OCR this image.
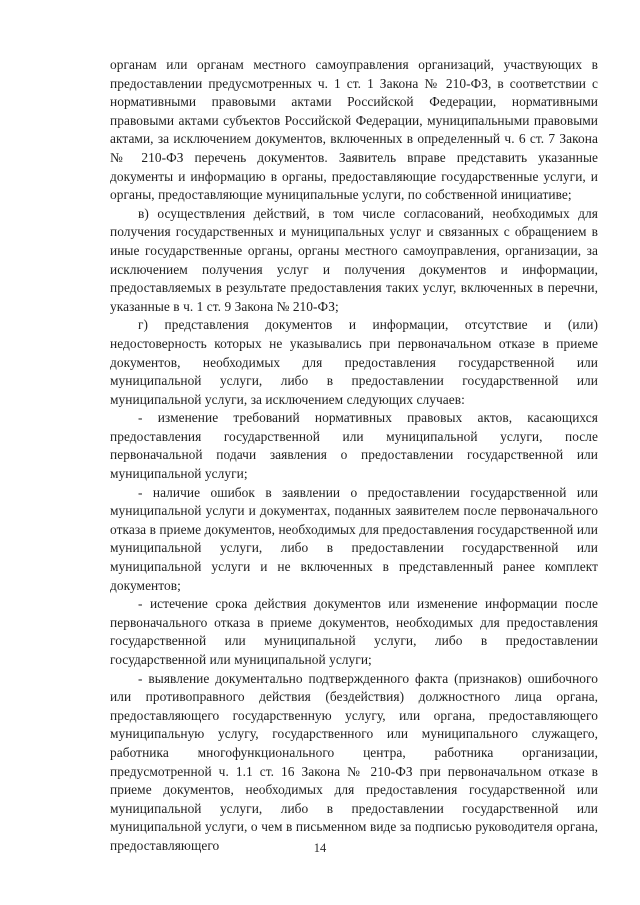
органам или органам местного самоуправления организаций, участвующих в предоставлении предусмотренных ч. 1 ст. 1 Закона № 210-ФЗ, в соответствии с нормативными правовыми актами Российской Федерации, нормативными правовыми актами субъектов Российской Федерации, муниципальными правовыми актами, за исключением документов, включенных в определенный ч. 6 ст. 7 Закона № 210-ФЗ перечень документов. Заявитель вправе представить указанные документы и информацию в органы, предоставляющие государственные услуги, и органы, предоставляющие муниципальные услуги, по собственной инициативе;

в) осуществления действий, в том числе согласований, необходимых для получения государственных и муниципальных услуг и связанных с обращением в иные государственные органы, органы местного самоуправления, организации, за исключением получения услуг и получения документов и информации, предоставляемых в результате предоставления таких услуг, включенных в перечни, указанные в ч. 1 ст. 9 Закона № 210-ФЗ;

г) представления документов и информации, отсутствие и (или) недостоверность которых не указывались при первоначальном отказе в приеме документов, необходимых для предоставления государственной или муниципальной услуги, либо в предоставлении государственной или муниципальной услуги, за исключением следующих случаев:

- изменение требований нормативных правовых актов, касающихся предоставления государственной или муниципальной услуги, после первоначальной подачи заявления о предоставлении государственной или муниципальной услуги;

- наличие ошибок в заявлении о предоставлении государственной или муниципальной услуги и документах, поданных заявителем после первоначального отказа в приеме документов, необходимых для предоставления государственной или муниципальной услуги, либо в предоставлении государственной или муниципальной услуги и не включенных в представленный ранее комплект документов;

- истечение срока действия документов или изменение информации после первоначального отказа в приеме документов, необходимых для предоставления государственной или муниципальной услуги, либо в предоставлении государственной или муниципальной услуги;

- выявление документально подтвержденного факта (признаков) ошибочного или противоправного действия (бездействия) должностного лица органа, предоставляющего государственную услугу, или органа, предоставляющего муниципальную услугу, государственного или муниципального служащего, работника многофункционального центра, работника организации, предусмотренной ч. 1.1 ст. 16 Закона № 210-ФЗ при первоначальном отказе в приеме документов, необходимых для предоставления государственной или муниципальной услуги, либо в предоставлении государственной или муниципальной услуги, о чем в письменном виде за подписью руководителя органа, предоставляющего	14
